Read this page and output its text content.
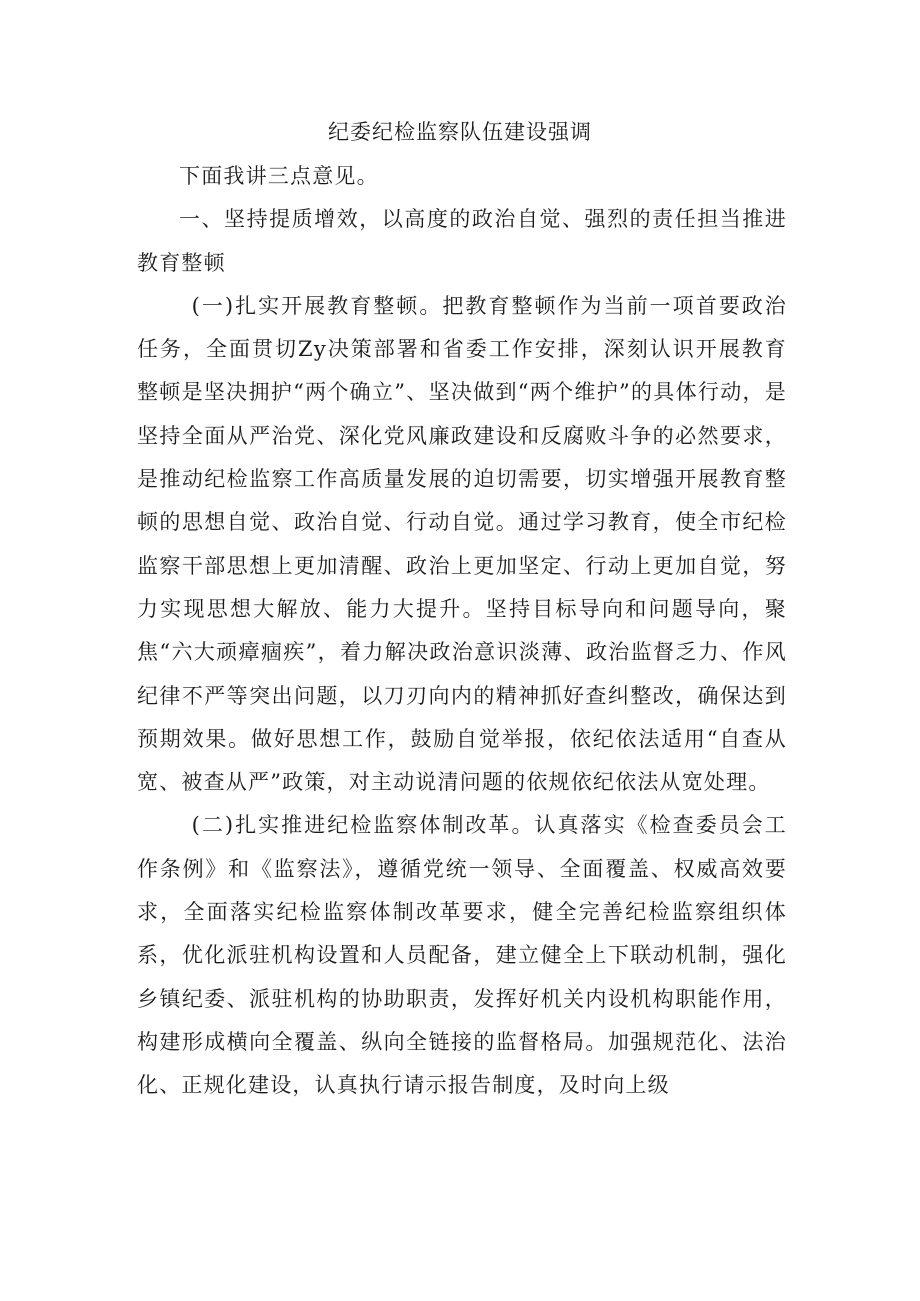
纪委纪检监察队伍建设强调

下面我讲三点意见。

一、坚持提质增效，以高度的政治自觉、强烈的责任担当推进教育整顿

(一)扎实开展教育整顿。把教育整顿作为当前一项首要政治任务，全面贯切Zy决策部署和省委工作安排，深刻认识开展教育整顿是坚决拥护“两个确立”、坚决做到“两个维护”的具体行动，是坚持全面从严治党、深化党风廉政建设和反腐败斗争的必然要求，是推动纪检监察工作高质量发展的迫切需要，切实增强开展教育整顿的思想自觉、政治自觉、行动自觉。通过学习教育，使全市纪检监察干部思想上更加清醒、政治上更加坚定、行动上更加自觉，努力实现思想大解放、能力大提升。坚持目标导向和问题导向，聚焦“六大顽瘴痼疾”，着力解决政治意识淡薄、政治监督乏力、作风纪律不严等突出问题，以刀刃向内的精神抓好查纠整改，确保达到预期效果。做好思想工作，鼓励自觉举报，依纪依法适用“自查从宽、被查从严”政策，对主动说清问题的依规依纪依法从宽处理。

(二)扎实推进纪检监察体制改革。认真落实《检查委员会工作条例》和《监察法》，遵循党统一领导、全面覆盖、权威高效要求，全面落实纪检监察体制改革要求，健全完善纪检监察组织体系，优化派驻机构设置和人员配备，建立健全上下联动机制，强化乡镇纪委、派驻机构的协助职责，发挥好机关内设机构职能作用，构建形成横向全覆盖、纵向全链接的监督格局。加强规范化、法治化、正规化建设，认真执行请示报告制度，及时向上级
